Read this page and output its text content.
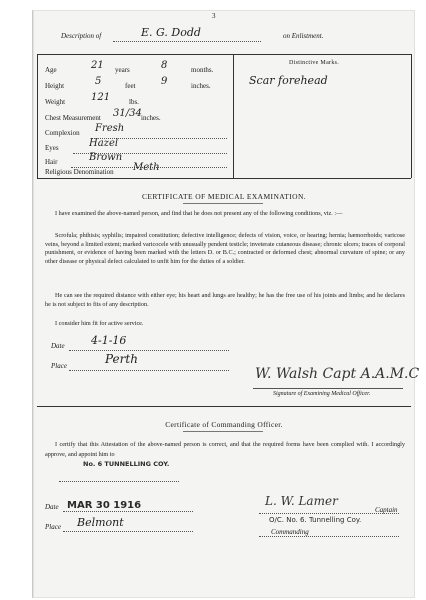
3
Description of	E. G. Dodd	on Enlistment.
Age	21 years	8	months.
Height	5	feet	9	inches.
Weight	121	lbs.
Chest Measurement 31/34 inches.
Complexion Fresh
Eyes	Hazel
Hair	Brown
Religious Denomination Meth
Distinctive Marks.
Scar forehead
CERTIFICATE OF MEDICAL EXAMINATION.
I have examined the above-named person, and find that he does not present any of the following conditions, viz. :—
Scrofula; phthisis; syphilis; impaired constitution; defective intelligence; defects of vision, voice, or hearing; hernia; hæmorrhoids; varicose veins, beyond a limited extent; marked varicocele with unusually pendent testicle; inveterate cutaneous disease; chronic ulcers; traces of corporal punishment, or evidence of having been marked with the letters D. or B.C.; contracted or deformed chest; abnormal curvature of spine; or any other disease or physical defect calculated to unfit him for the duties of a soldier.
He can see the required distance with either eye; his heart and lungs are healthy; he has the free use of his joints and limbs; and he declares he is not subject to fits of any description.
I consider him fit for active service.
Date 4-1-16
Place	Perth
W. Walsh Capt A.A.M.C
Signature of Examining Medical Officer.
Certificate of Commanding Officer.
I certify that this Attestation of the above-named person is correct, and that the required forms have been complied with. I accordingly approve, and appoint him to
No. 6 TUNNELLING COY.
Date MAR 30 1916
Place Belmont
L. W. Lamer
Captain
O/C. No. 6. Tunnelling Coy.
Commanding
